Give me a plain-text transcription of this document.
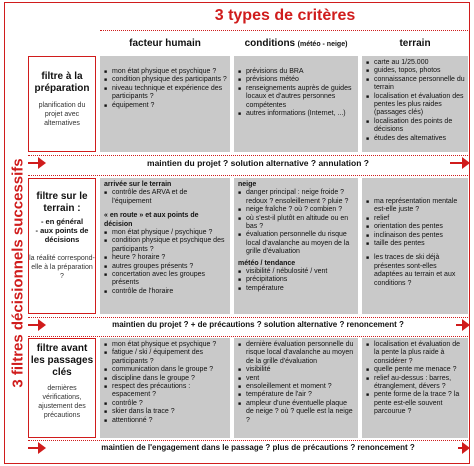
3 types de critères
facteur humain	conditions (météo - neige)	terrain
3 filtres décisionnels successifs
filtre à la préparation
planification du projet avec alternatives
■ mon état physique et psychique ?
■ condition physique des participants ?
■ niveau technique et expérience des participants ?
■ équipement ?
■ prévisions du BRA
■ prévisions météo
■ renseignements auprès de guides locaux et d'autres personnes compétentes
■ autres informations (Internet, ...)
■ carte au 1/25.000
■ guides, topos, photos
■ connaissance personnelle du terrain
■ localisation et évaluation des pentes les plus raides (passages clés)
■ localisation des points de décisions
■ études des alternatives
maintien du projet ? solution alternative ? annulation ?
filtre sur le terrain :
- en général
- aux points de décisions
la réalité correspond-elle à la préparation ?
arrivée sur le terrain
■ contrôle des ARVA et de l'équipement
« en route » et aux points de décision
■ mon état physique / psychique ?
■ condition physique et psychique des participants ?
■ heure ? horaire ?
■ autres groupes présents ?
■ concertation avec les groupes présents
■ contrôle de l'horaire
neige
■ danger principal : neige froide ? redoux ? ensoleillement ? pluie ?
■ neige fraîche ? où ? combien ?
■ où s'est-il plutôt en altitude ou en bas ?
■ évaluation personnelle du risque local d'avalanche au moyen de la grille d'évaluation
météo / tendance
■ visibilité / nébulosité / vent
■ précipitations
■ température
■ ma représentation mentale est-elle juste ?
■ relief
■ orientation des pentes
■ inclinaison des pentes
■ taille des pentes
■ les traces de ski déjà présentes sont-elles adaptées au terrain et aux conditions ?
maintien du projet ? + de précautions ? solution alternative ? renoncement ?
filtre avant les passages clés
dernières vérifications, ajustement des précautions
■ mon état physique et psychique ?
■ fatigue / ski / équipement des participants ?
■ communication dans le groupe ?
■ discipline dans le groupe ?
■ respect des précautions : espacement ?
■ contrôle ?
■ skier dans la trace ?
■ attentionné ?
■ dernière évaluation personnelle du risque local d'avalanche au moyen de la grille d'évaluation
■ visibilité
■ vent
■ ensoleillement et moment ?
■ température de l'air ?
■ ampleur d'une éventuelle plaque de neige ? où ? quelle est la neige ?
■ localisation et évaluation de la pente la plus raide à considérer ?
■ quelle pente me menace ?
■ relief au-dessus : barres, étranglement, dévers ?
■ pente forme de la trace ? la pente est-elle souvent parcourue ?
maintien de l'engagement dans le passage ? plus de précautions ? renoncement ?
